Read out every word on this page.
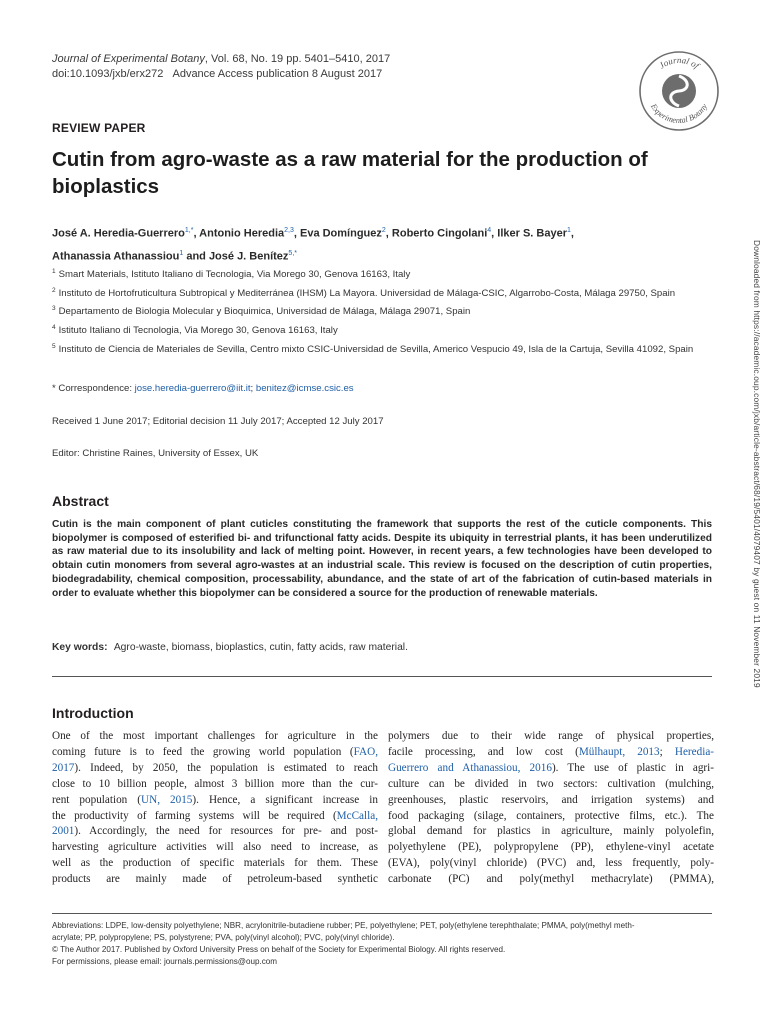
Journal of Experimental Botany, Vol. 68, No. 19 pp. 5401–5410, 2017
doi:10.1093/jxb/erx272 Advance Access publication 8 August 2017
Journal of
Experimental Botany
REVIEW PAPER
Cutin from agro-waste as a raw material for the production of bioplastics
José A. Heredia-Guerrero$^{1,*}$, Antonio Heredia$^{2,3}$, Eva Domínguez$^2$, Roberto Cingolani$^4$, Ilker S. Bayer$^1$,
Athanassia Athanassiou$^1$ and José J. Benítez$^{5,*}$
$^1$ Smart Materials, Istituto Italiano di Tecnologia, Via Morego 30, Genova 16163, Italy
$^2$ Instituto de Hortofruticultura Subtropical y Mediterránea (IHSM) La Mayora. Universidad de Málaga-CSIC, Algarrobo-Costa, Málaga 29750, Spain
$^3$ Departamento de Biologia Molecular y Bioquimica, Universidad de Málaga, Málaga 29071, Spain
$^4$ Istituto Italiano di Tecnologia, Via Morego 30, Genova 16163, Italy
$^5$ Instituto de Ciencia de Materiales de Sevilla, Centro mixto CSIC-Universidad de Sevilla, Americo Vespucio 49, Isla de la Cartuja, Sevilla 41092, Spain
* Correspondence: jose.heredia-guerrero@iit.it; benitez@icmse.csic.es
Received 1 June 2017; Editorial decision 11 July 2017; Accepted 12 July 2017
Editor: Christine Raines, University of Essex, UK
Abstract
Cutin is the main component of plant cuticles constituting the framework that supports the rest of the cuticle components. This biopolymer is composed of esterified bi- and trifunctional fatty acids. Despite its ubiquity in terrestrial plants, it has been underutilized as raw material due to its insolubility and lack of melting point. However, in recent years, a few technologies have been developed to obtain cutin monomers from several agro-wastes at an industrial scale. This review is focused on the description of cutin properties, biodegradability, chemical composition, processability, abundance, and the state of art of the fabrication of cutin-based materials in order to evaluate whether this biopolymer can be considered a source for the production of renewable materials.
Key words: Agro-waste, biomass, bioplastics, cutin, fatty acids, raw material.
Introduction
One of the most important challenges for agriculture in the
coming future is to feed the growing world population (FAO,
2017). Indeed, by 2050, the population is estimated to reach
close to 10 billion people, almost 3 billion more than the cur-
rent population (UN, 2015). Hence, a significant increase in
the productivity of farming systems will be required (McCalla,
2001). Accordingly, the need for resources for pre- and post-
harvesting agriculture activities will also need to increase, as
well as the production of specific materials for them. These
products are mainly made of petroleum-based synthetic
polymers due to their wide range of physical properties,
facile processing, and low cost (Mülhaupt, 2013; Heredia-
Guerrero and Athanassiou, 2016). The use of plastic in agri-
culture can be divided in two sectors: cultivation (mulching,
greenhouses, plastic reservoirs, and irrigation systems) and
food packaging (silage, containers, protective films, etc.). The
global demand for plastics in agriculture, mainly polyolefin,
polyethylene (PE), polypropylene (PP), ethylene-vinyl acetate
(EVA), poly(vinyl chloride) (PVC) and, less frequently, poly-
carbonate (PC) and poly(methyl methacrylate) (PMMA),
Abbreviations: LDPE, low-density polyethylene; NBR, acrylonitrile-butadiene rubber; PE, polyethylene; PET, poly(ethylene terephthalate; PMMA, poly(methyl meth-
acrylate; PP, polypropylene; PS, polystyrene; PVA, poly(vinyl alcohol); PVC, poly(vinyl chloride).
© The Author 2017. Published by Oxford University Press on behalf of the Society for Experimental Biology. All rights reserved.
For permissions, please email: journals.permissions@oup.com
Downloaded from https://academic.oup.com/jxb/article-abstract/68/19/5401/4079407 by guest on 11 November 2019
